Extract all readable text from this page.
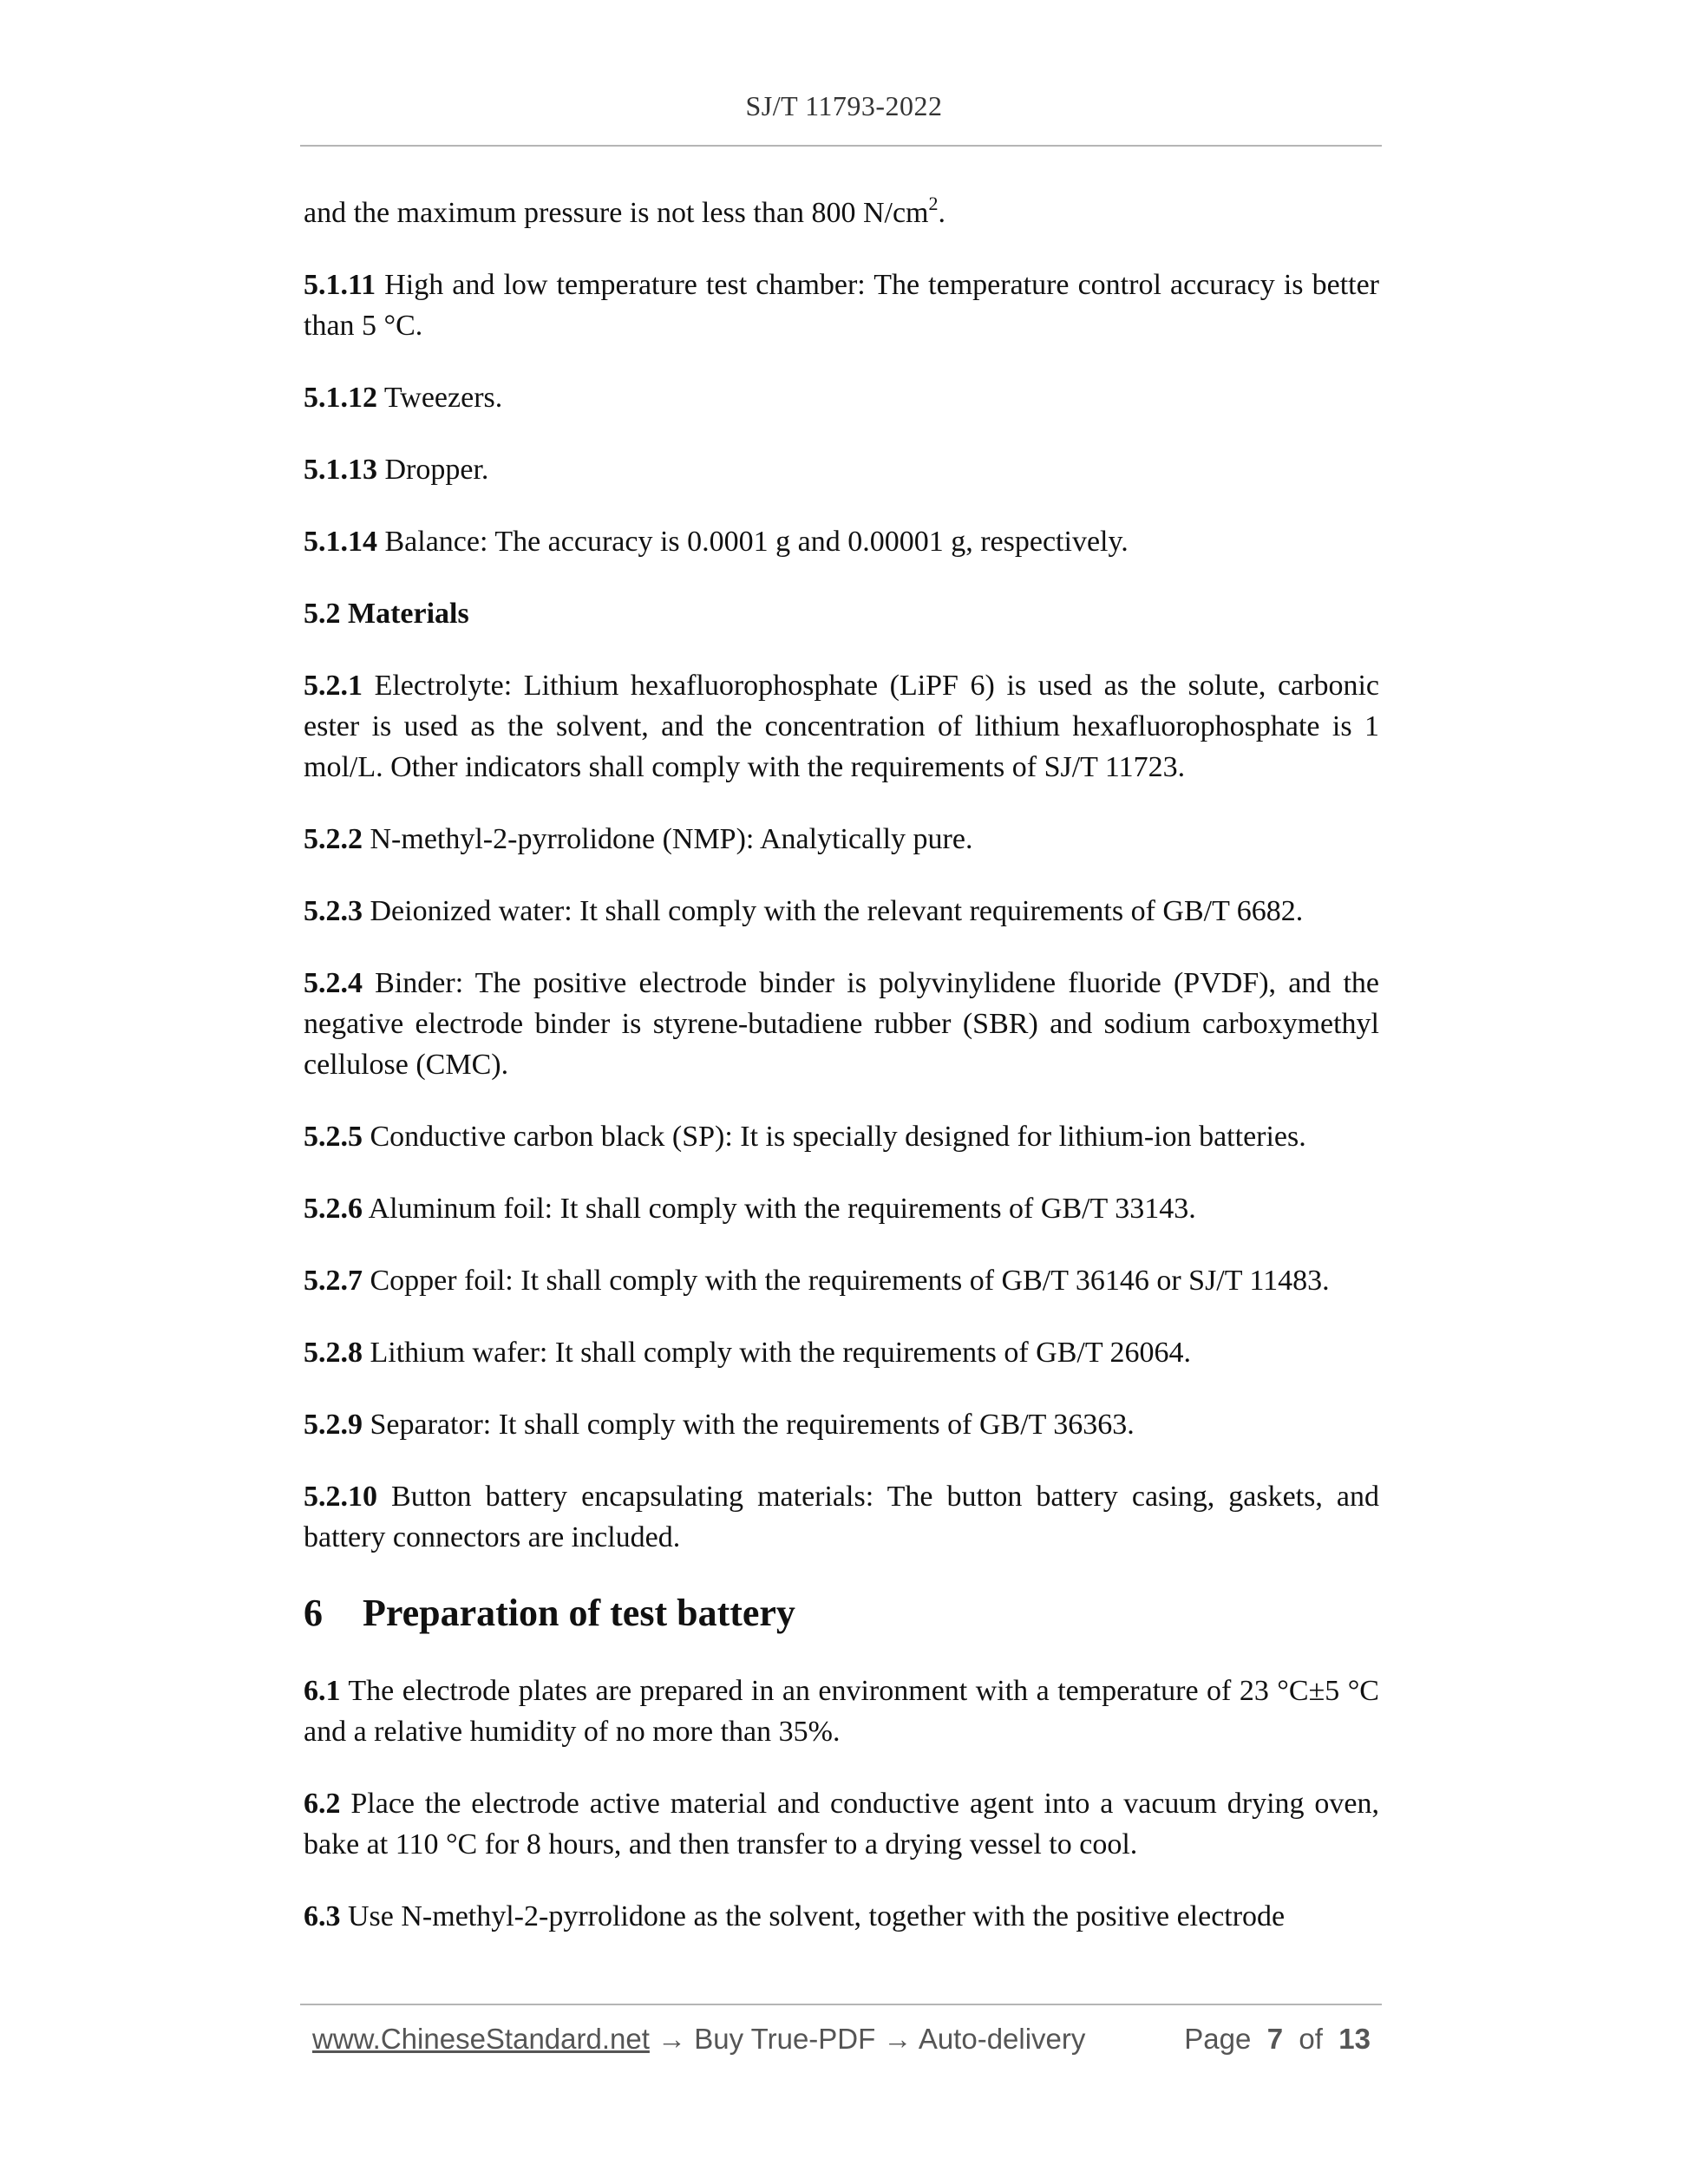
SJ/T 11793-2022

and the maximum pressure is not less than 800 $N/cm^2$.

5.1.11 High and low temperature test chamber: The temperature control accuracy is better than 5 °C.

5.1.12 Tweezers.

5.1.13 Dropper.

5.1.14 Balance: The accuracy is 0.0001 g and 0.00001 g, respectively.

5.2 Materials

5.2.1 Electrolyte: Lithium hexafluorophosphate (LiPF 6) is used as the solute, carbonic ester is used as the solvent, and the concentration of lithium hexafluorophosphate is 1 mol/L. Other indicators shall comply with the requirements of SJ/T 11723.

5.2.2 N-methyl-2-pyrrolidone (NMP): Analytically pure.

5.2.3 Deionized water: It shall comply with the relevant requirements of GB/T 6682.

5.2.4 Binder: The positive electrode binder is polyvinylidene fluoride (PVDF), and the negative electrode binder is styrene-butadiene rubber (SBR) and sodium carboxymethyl cellulose (CMC).

5.2.5 Conductive carbon black (SP): It is specially designed for lithium-ion batteries.

5.2.6 Aluminum foil: It shall comply with the requirements of GB/T 33143.

5.2.7 Copper foil: It shall comply with the requirements of GB/T 36146 or SJ/T 11483.

5.2.8 Lithium wafer: It shall comply with the requirements of GB/T 26064.

5.2.9 Separator: It shall comply with the requirements of GB/T 36363.

5.2.10 Button battery encapsulating materials: The button battery casing, gaskets, and battery connectors are included.

6 Preparation of test battery

6.1 The electrode plates are prepared in an environment with a temperature of 23 °C±5 °C and a relative humidity of no more than 35%.

6.2 Place the electrode active material and conductive agent into a vacuum drying oven, bake at 110 °C for 8 hours, and then transfer to a drying vessel to cool.

6.3 Use N-methyl-2-pyrrolidone as the solvent, together with the positive electrode

www.ChineseStandard.net → Buy True-PDF → Auto-delivery	Page 7 of 13
